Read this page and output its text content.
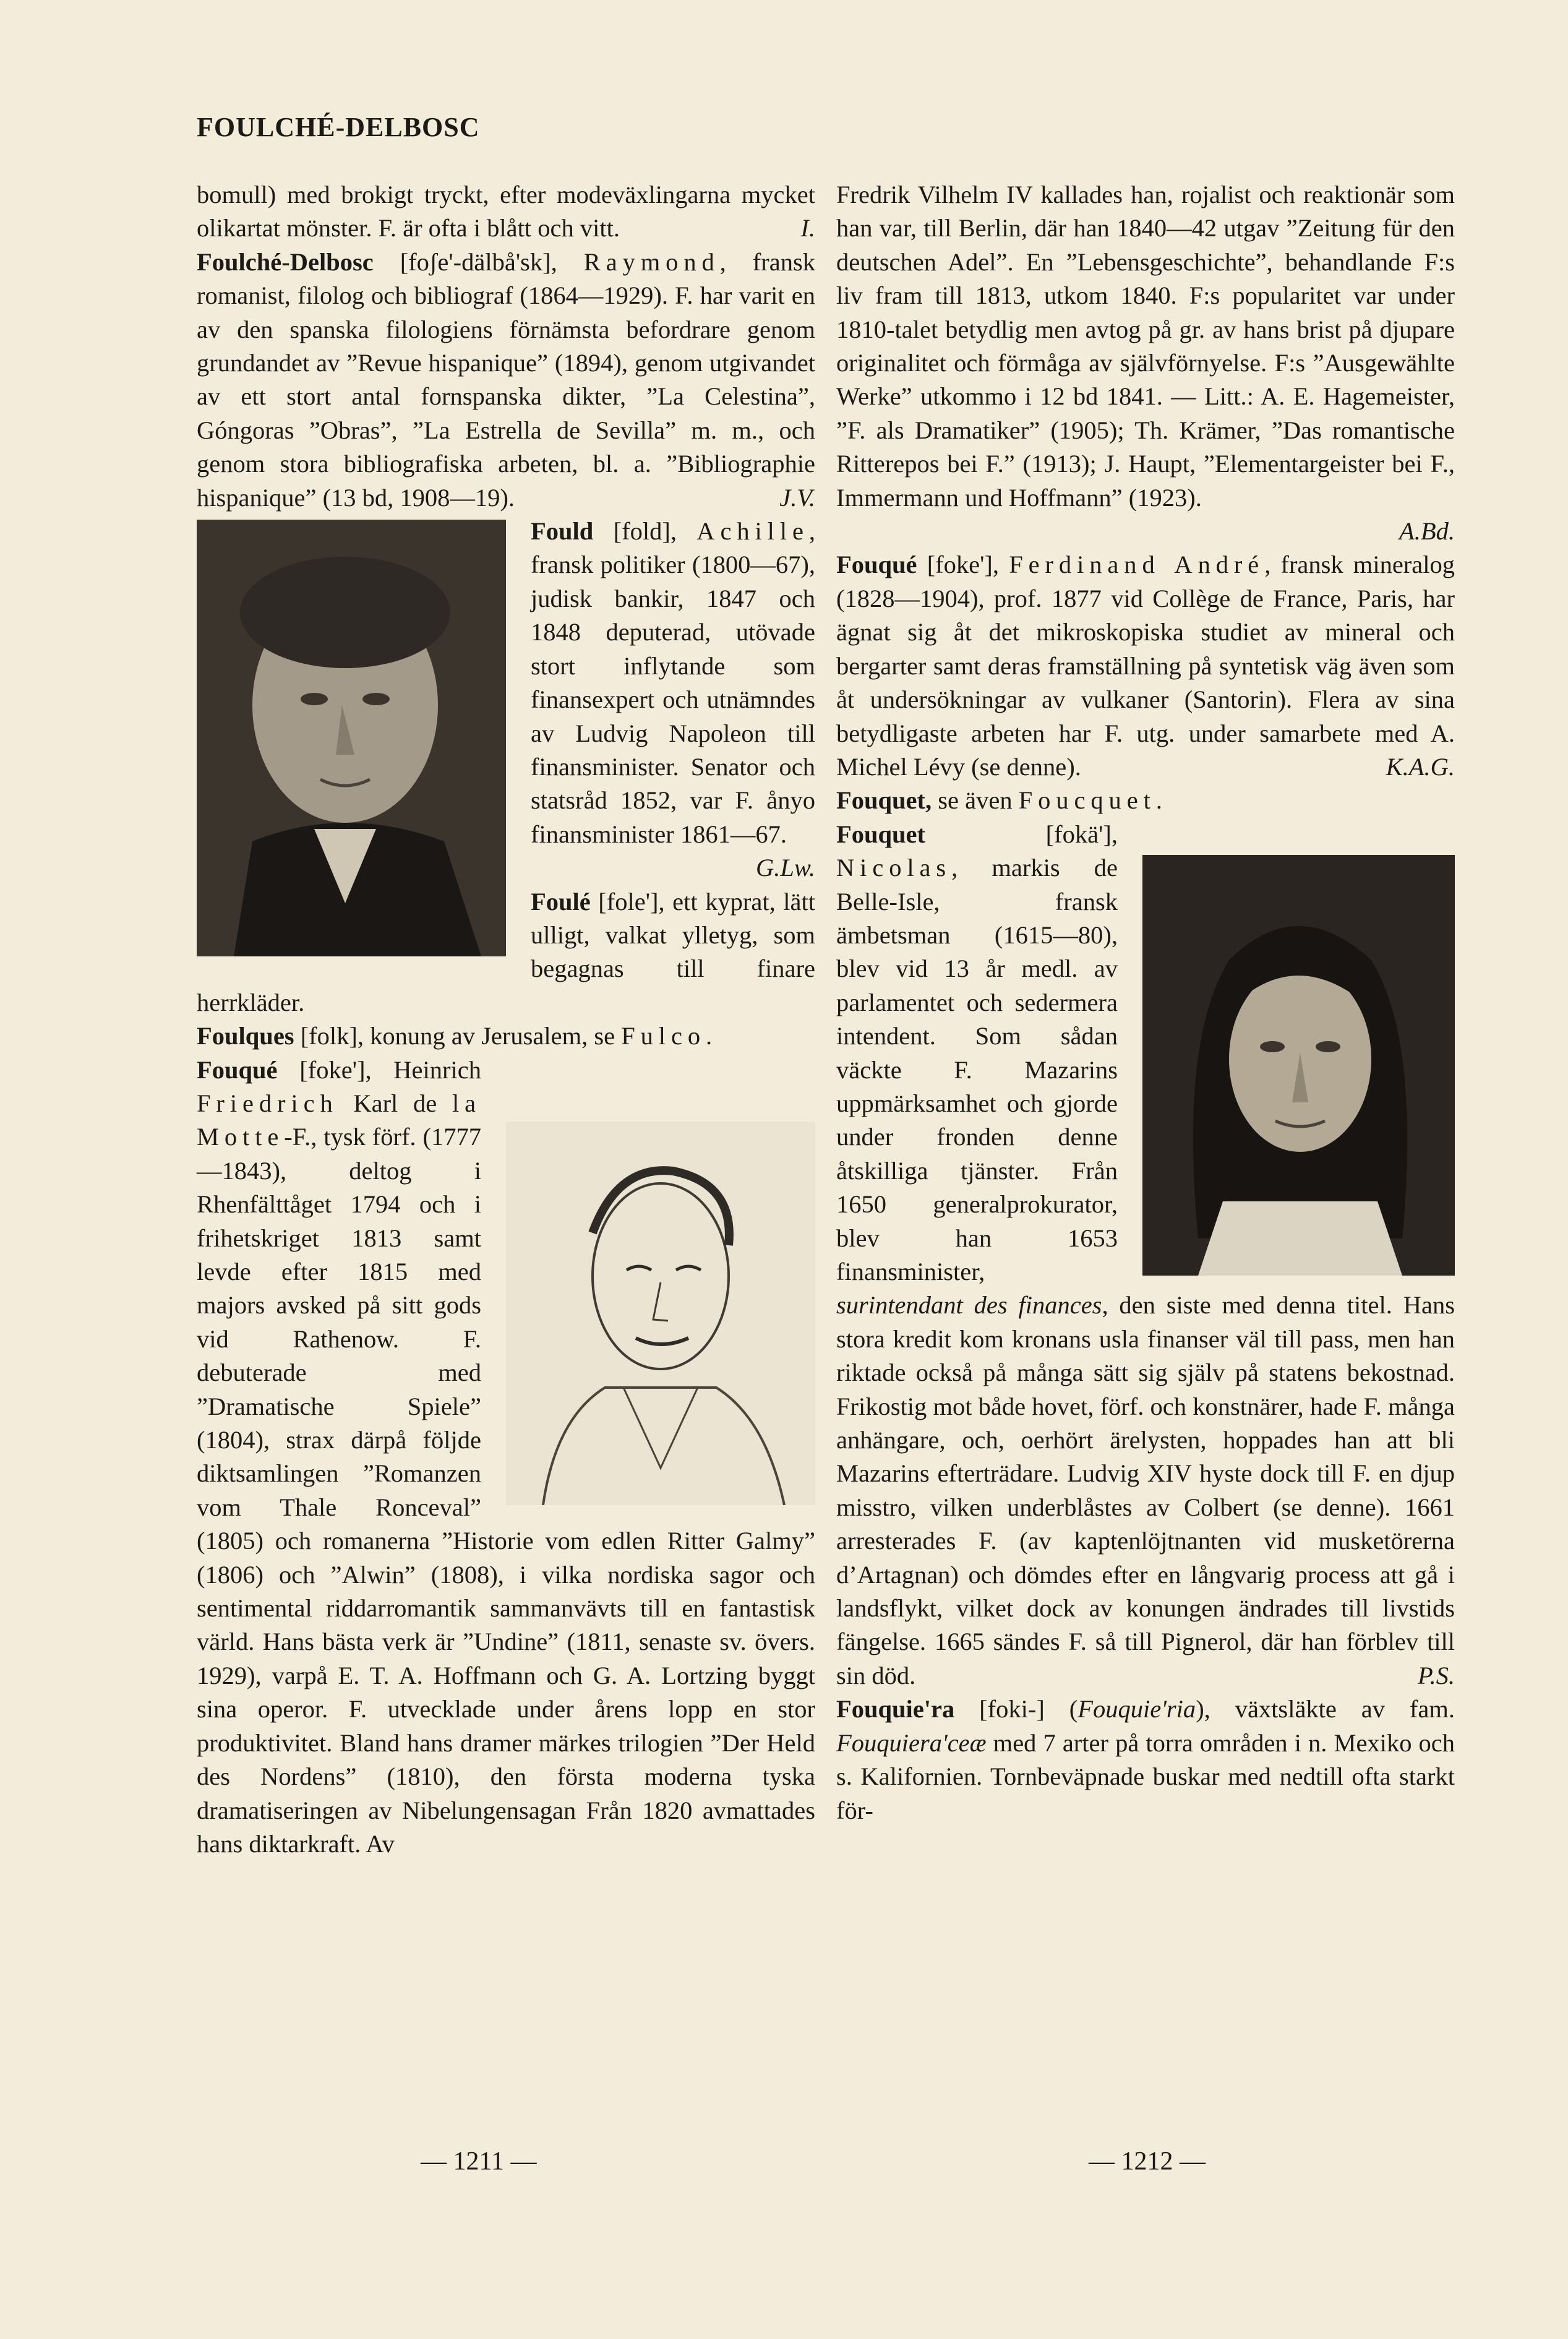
FOULCHÉ-DELBOSC

bomull) med brokigt tryckt, efter modeväxlingarna mycket olikartat mönster. F. är ofta i blått och vitt.	I.

Foulché-Delbosc [foʃe'-dälbå'sk], Raymond, fransk romanist, filolog och bibliograf (1864—1929). F. har varit en av den spanska filologiens förnämsta befordrare genom grundandet av ”Revue hispanique” (1894), genom utgivandet av ett stort antal fornspanska dikter, ”La Celestina”, Góngoras ”Obras”, ”La Estrella de Sevilla” m. m., och genom stora bibliografiska arbeten, bl. a. ”Bibliographie hispanique” (13 bd, 1908—19).	J.V.

Fould [fold], Achille, fransk politiker (1800—67), judisk bankir, 1847 och 1848 deputerad, utövade stort inflytande som finansexpert och utnämndes av Ludvig Napoleon till finansminister. Senator och statsråd 1852, var F. ånyo finansminister 1861—67.

G.Lw.

Foulé [fole'], ett kyprat, lätt ulligt, valkat ylletyg, som begagnas till finare herrkläder.

Foulques [folk], konung av Jerusalem, se Fulco.

Fouqué [foke'], Heinrich Friedrich Karl de la Motte-F., tysk förf. (1777—1843), deltog i Rhenfälttåget 1794 och i frihetskriget 1813 samt levde efter 1815 med majors avsked på sitt gods vid Rathenow. F. debuterade med ”Dramatische Spiele” (1804), strax därpå följde diktsamlingen ”Romanzen vom Thale Ronceval” (1805) och romanerna ”Historie vom edlen Ritter Galmy” (1806) och ”Alwin” (1808), i vilka nordiska sagor och sentimental riddarromantik sammanvävts till en fantastisk värld. Hans bästa verk är ”Undine” (1811, senaste sv. övers. 1929), varpå E. T. A. Hoffmann och G. A. Lortzing byggt sina operor. F. utvecklade under årens lopp en stor produktivitet. Bland hans dramer märkes trilogien ”Der Held des Nordens” (1810), den första moderna tyska dramatiseringen av Nibelungensagan Från 1820 avmattades hans diktarkraft. Av

Fredrik Vilhelm IV kallades han, rojalist och reaktionär som han var, till Berlin, där han 1840—42 utgav ”Zeitung für den deutschen Adel”. En ”Lebensgeschichte”, behandlande F:s liv fram till 1813, utkom 1840. F:s popularitet var under 1810-talet betydlig men avtog på gr. av hans brist på djupare originalitet och förmåga av självförnyelse. F:s ”Ausgewählte Werke” utkommo i 12 bd 1841. — Litt.: A. E. Hagemeister, ”F. als Dramatiker” (1905); Th. Krämer, ”Das romantische Ritterepos bei F.” (1913); J. Haupt, ”Elementargeister bei F., Immermann und Hoffmann” (1923).

A.Bd.

Fouqué [foke'], Ferdinand André, fransk mineralog (1828—1904), prof. 1877 vid Collège de France, Paris, har ägnat sig åt det mikroskopiska studiet av mineral och bergarter samt deras framställning på syntetisk väg även som åt undersökningar av vulkaner (Santorin). Flera av sina betydligaste arbeten har F. utg. under samarbete med A. Michel Lévy (se denne).	K.A.G.

Fouquet, se även Foucquet.

Fouquet [fokä'], Nicolas, markis de Belle-Isle, fransk ämbetsman (1615—80), blev vid 13 år medl. av parlamentet och sedermera intendent. Som sådan väckte F. Mazarins uppmärksamhet och gjorde under fronden denne åtskilliga tjänster. Från 1650 generalprokurator, blev han 1653 finansminister, surintendant des finances, den siste med denna titel. Hans stora kredit kom kronans usla finanser väl till pass, men han riktade också på många sätt sig själv på statens bekostnad. Frikostig mot både hovet, förf. och konstnärer, hade F. många anhängare, och, oerhört ärelysten, hoppades han att bli Mazarins efterträdare. Ludvig XIV hyste dock till F. en djup misstro, vilken underblåstes av Colbert (se denne). 1661 arresterades F. (av kaptenlöjtnanten vid musketörerna d’Artagnan) och dömdes efter en långvarig process att gå i landsflykt, vilket dock av konungen ändrades till livstids fängelse. 1665 sändes F. så till Pignerol, där han förblev till sin död.	P.S.

Fouquie'ra [foki-] (Fouquie'ria), växtsläkte av fam. Fouquiera'ceæ med 7 arter på torra områden i n. Mexiko och s. Kalifornien. Tornbeväpnade buskar med nedtill ofta starkt för-

— 1211 —	— 1212 —
